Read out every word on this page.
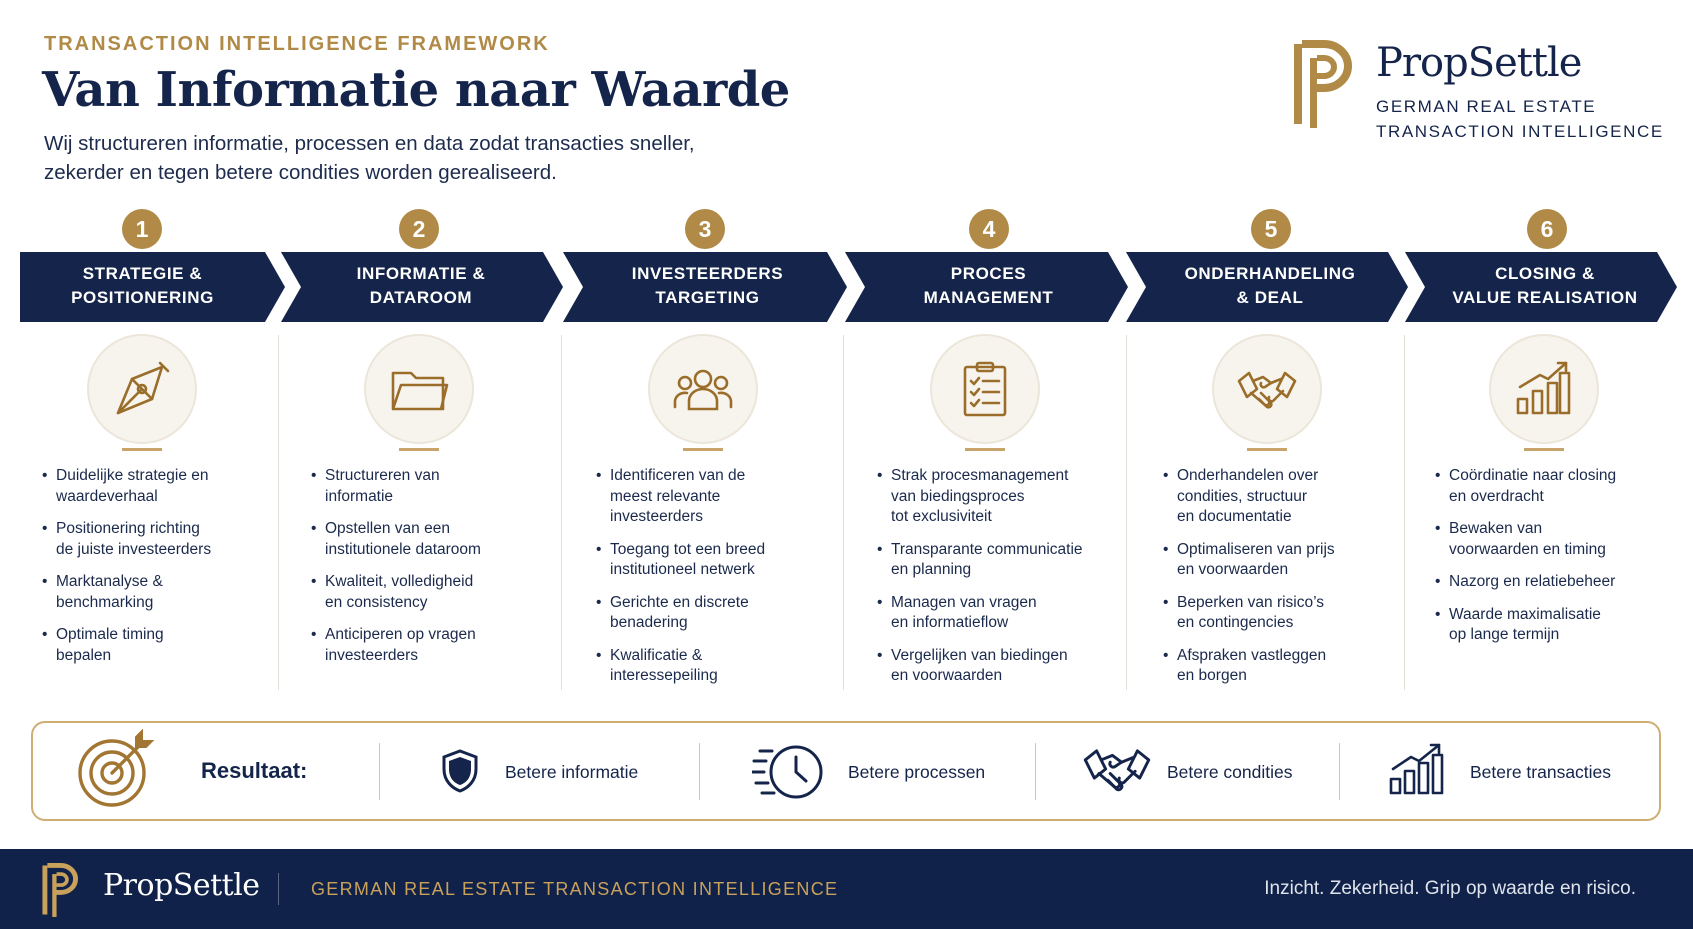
TRANSACTION INTELLIGENCE FRAMEWORK
Van Informatie naar Waarde
Wij structureren informatie, processen en data zodat transacties sneller, zekerder en tegen betere condities worden gerealiseerd.
PropSettle
GERMAN REAL ESTATE
TRANSACTION INTELLIGENCE
1	2	3	4	5	6
STRATEGIE &
POSITIONERING
INFORMATIE &
DATAROOM
INVESTEERDERS
TARGETING
PROCES
MANAGEMENT
ONDERHANDELING
& DEAL
CLOSING &
VALUE REALISATION
• Duidelijke strategie en
waardeverhaal
• Positionering richting
de juiste investeerders
• Marktanalyse &
benchmarking
• Optimale timing
bepalen
• Structureren van
informatie
• Opstellen van een
institutionele dataroom
• Kwaliteit, volledigheid
en consistency
• Anticiperen op vragen
investeerders
• Identificeren van de
meest relevante
investeerders
• Toegang tot een breed
institutioneel netwerk
• Gerichte en discrete
benadering
• Kwalificatie &
interessepeiling
• Strak procesmanagement
van biedingsproces
tot exclusiviteit
• Transparante communicatie
en planning
• Managen van vragen
en informatieflow
• Vergelijken van biedingen
en voorwaarden
• Onderhandelen over
condities, structuur
en documentatie
• Optimaliseren van prijs
en voorwaarden
• Beperken van risico’s
en contingencies
• Afspraken vastleggen
en borgen
• Coördinatie naar closing
en overdracht
• Bewaken van
voorwaarden en timing
• Nazorg en relatiebeheer
• Waarde maximalisatie
op lange termijn
Resultaat:	Betere informatie	Betere processen	Betere condities	Betere transacties
PropSettle	GERMAN REAL ESTATE TRANSACTION INTELLIGENCE	Inzicht. Zekerheid. Grip op waarde en risico.
